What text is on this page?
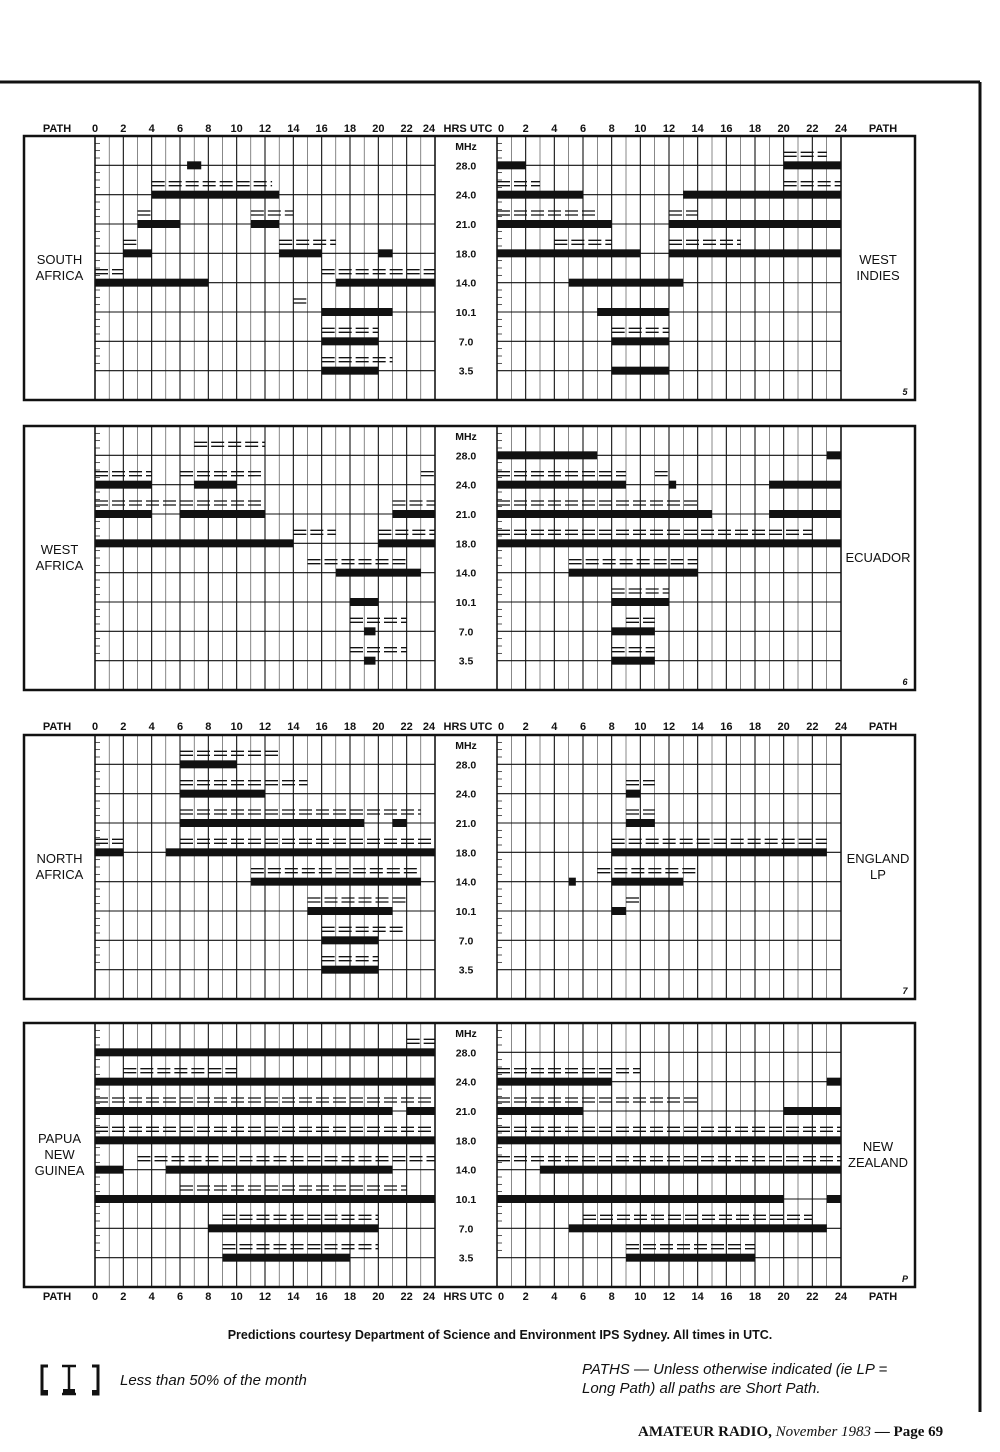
MHz
28.0
24.0
21.0
18.0
14.0
10.1
7.0
3.5
SOUTH
AFRICA
WEST
INDIES
5
PATH	PATH
HRS UTC
0	0
2	2
4	4
6	6
8	8
10	10
12	12
14	14
16	16
18	18
20	20
22	22
24	24
MHz
28.0
24.0
21.0
18.0
14.0
10.1
7.0
3.5
WEST
AFRICA
ECUADOR
6
MHz
28.0
24.0
21.0
18.0
14.0
10.1
7.0
3.5
NORTH
AFRICA
ENGLAND
LP
7
PATH	PATH
HRS UTC
0	0
2	2
4	4
6	6
8	8
10	10
12	12
14	14
16	16
18	18
20	20
22	22
24	24
MHz
28.0
24.0
21.0
18.0
14.0
10.1
7.0
3.5
PAPUA
NEW
GUINEA
NEW
ZEALAND
P
PATH	PATH
HRS UTC
0	0
2	2
4	4
6	6
8	8
10	10
12	12
14	14
16	16
18	18
20	20
22	22
24	24
Predictions courtesy Department of Science and Environment IPS Sydney. All times in UTC.
Less than 50% of the month
PATHS — Unless otherwise indicated (ie LP = Long Path) all paths are Short Path.
AMATEUR RADIO, November 1983 — Page 69
